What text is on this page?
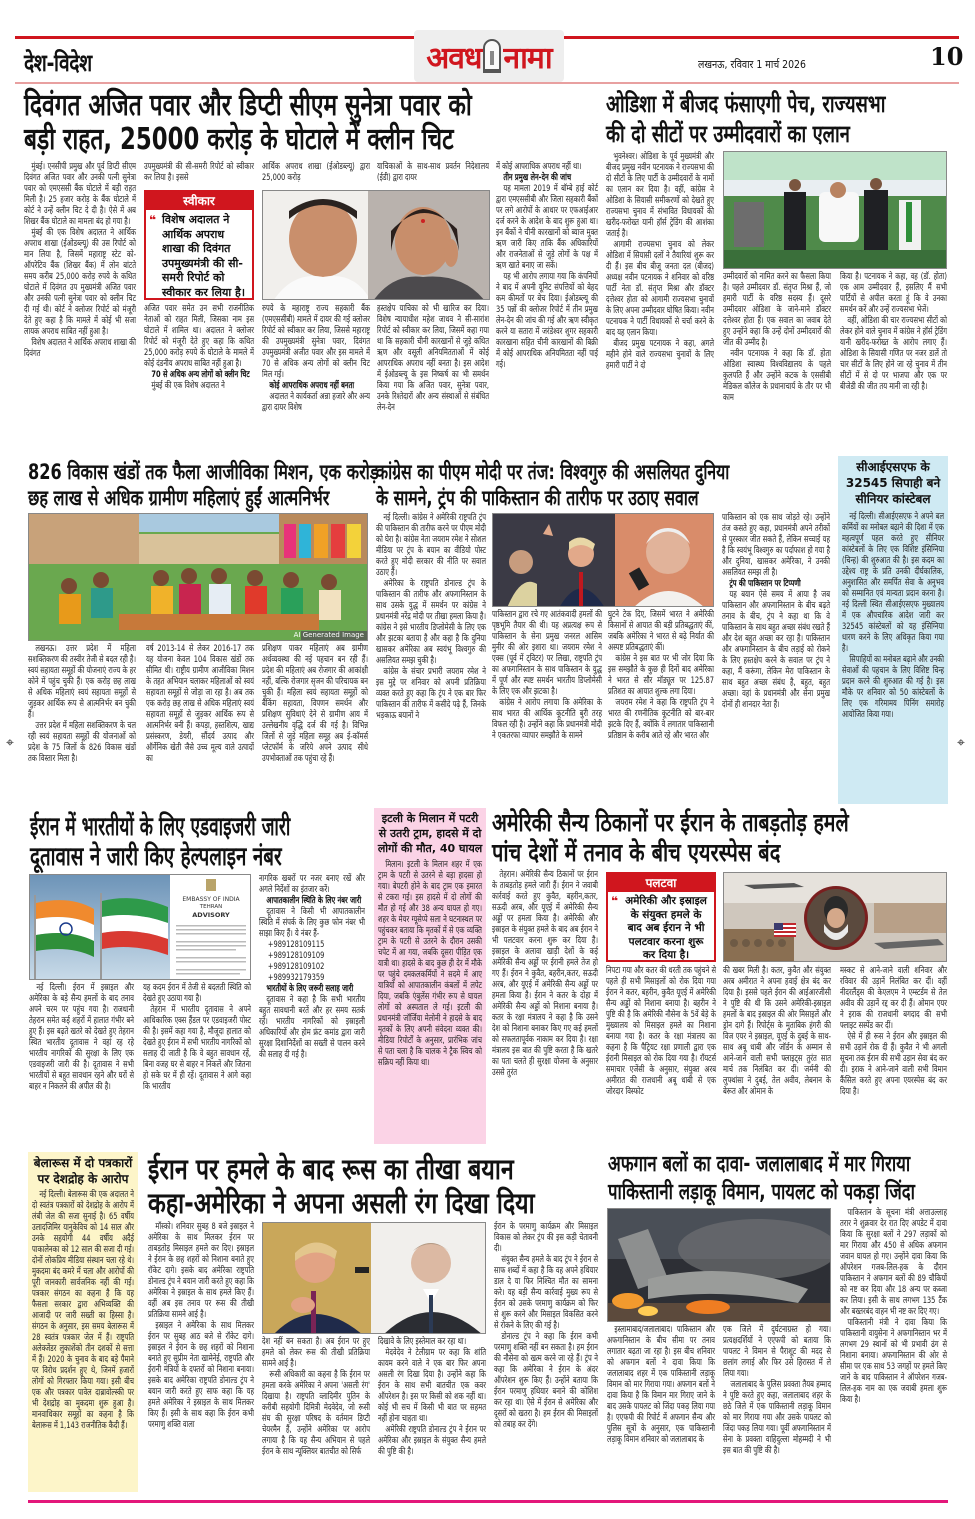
देश-विदेश	अवध नामा	लखनऊ, रविवार 1 मार्च 2026	10
दिवंगत अजित पवार और डिप्टी सीएम सुनेत्रा पवार को
बड़ी राहत, 25000 करोड़ के घोटाले में क्लीन चिट

मुंबई। एनसीपी प्रमुख और पूर्व डिप्टी सीएम दिवंगत अजित पवार और उनकी पत्नी सुनेत्रा पवार को एमएससी बैंक घोटाले में बड़ी राहत मिली है। 25 हजार करोड़ के बैंक घोटाले में कोर्ट ने उन्हें क्लीन चिट दे दी है। ऐसे में अब शिखर बैंक घोटाले का मामला बंद हो गया है।

मुंबई की एक विशेष अदालत ने आर्थिक अपराध शाखा (ईओडब्ल्यू) की उस रिपोर्ट को मान लिया है, जिसमें महाराष्ट्र स्टेट को-ऑपरेटिव बैंक (शिखर बैंक) में लोन बांटते समय करीब 25,000 करोड़ रुपये के कथित घोटाले में दिवंगत उप मुख्यमंत्री अजित पवार और उनकी पत्नी सुनेत्रा पवार को क्लीन चिट दी गई थी। कोर्ट ने क्लोजर रिपोर्ट को मंजूरी देते हुए कहा है कि मामले में कोई भी सजा लायक अपराध साबित नहीं हुआ है।

विशेष अदालत ने आर्थिक अपराध शाखा की दिवंगत

उपमुख्यमंत्री की सी-समरी रिपोर्ट को स्वीकार कर लिया है। इससे

स्वीकार
❝ विशेष अदालत ने आर्थिक अपराध शाखा की दिवंगत उपमुख्यमंत्री की सी-समरी रिपोर्ट को स्वीकार कर लिया है।

अजित पवार समेत उन सभी राजनीतिक नेताओं को राहत मिली, जिसका नाम इस घोटाले में शामिल था। अदालत ने क्लोजर रिपोर्ट को मंजूरी देते हुए कहा कि कथित 25,000 करोड़ रुपये के घोटाले के मामले में कोई दंडनीय अपराध साबित नहीं हुआ है।

70 से अधिक अन्य लोगों को क्लीन चिट

मुंबई की एक विशेष अदालत ने

आर्थिक अपराध शाखा (ईओडब्ल्यू) द्वारा 25,000 करोड़

रुपये के महाराष्ट्र राज्य सहकारी बैंक (एमएससीबी) मामले में दायर की गई क्लोजर रिपोर्ट को स्वीकार कर लिया, जिससे महाराष्ट्र की उपमुख्यमंत्री सुनेत्रा पवार, दिवंगत उपमुख्यमंत्री अजीत पवार और इस मामले में 70 से अधिक अन्य लोगों को क्लीन चिट मिल गई।

कोई आपराधिक अपराध नहीं बनता

अदालत ने कार्यकर्ता अन्ना हजारे और अन्य द्वारा दायर विशेष

याचिकाओं के साथ-साथ प्रवर्तन निदेशालय (ईडी) द्वारा दायर

हस्तक्षेप याचिका को भी खारिज कर दिया। विशेष न्यायाधीश महेश जाधव ने सी-सारांश रिपोर्ट को स्वीकार कर लिया, जिसमें कहा गया था कि सहकारी चीनी कारखानों से जुड़े कथित ऋण और वसूली अनियमितताओं में कोई आपराधिक अपराध नहीं बनता है। इस आदेश में ईओडब्ल्यू के इस निष्कर्ष का भी समर्थन किया गया कि अजित पवार, सुनेत्रा पवार, उनके रिश्तेदारों और अन्य संस्थाओं से संबंधित लेन-देन

में कोई आपराधिक अपराध नहीं था।

तीन प्रमुख लेन-देन की जांच

यह मामला 2019 में बॉम्बे हाई कोर्ट द्वारा एमएससीबी और जिला सहकारी बैंकों पर लगे आरोपों के आधार पर एफआईआर दर्ज करने के आदेश के बाद शुरू हुआ था। इन बैंकों ने चीनी कारखानों को ब्याज मुक्त ऋण जारी किए ताकि बैंक अधिकारियों और राजनेताओं से जुड़े लोगों के पक्ष में ऋण खाते बनाए जा सकें।

यह भी आरोप लगाया गया कि कंपनियों ने बाद में अपनी यूनिट संपत्तियों को बेहद कम कीमतों पर बेच दिया। ईओडब्ल्यू की 35 पन्नों की क्लोजर रिपोर्ट में तीन प्रमुख लेन-देन की जांच की गई और ऋण स्वीकृत करने या सतारा में जरंडेश्वर शुगर सहकारी कारखाना सहित चीनी कारखानों की बिक्री में कोई आपराधिक अनियमितता नहीं पाई गई।

ओडिशा में बीजद फंसाएगी पेच, राज्यसभा
की दो सीटों पर उम्मीदवारों का एलान

भुवनेश्वर। ओडिशा के पूर्व मुख्यमंत्री और बीजद प्रमुख नवीन पटनायक ने राज्यसभा की दो सीटों के लिए पार्टी के उम्मीदवारों के नामों का एलान कर दिया है। वहीं, कांग्रेस ने ओडिशा के सियासी समीकरणों को देखते हुए राज्यसभा चुनाव में संभावित विधायकों की खरीद-फरोख्त यानी हॉर्स ट्रेडिंग की आशंका जताई है।

आगामी राज्यसभा चुनाव को लेकर ओडिशा में सियासी दलों ने तैयारियां शुरू कर दी हैं। इस बीच बीजू जनता दल (बीजद) अध्यक्ष नवीन पटनायक ने शनिवार को वरिष्ठ पार्टी नेता डॉ. संतृप्त मिश्रा और डॉक्टर दत्तेश्वर होता को आगामी राज्यसभा चुनावों के लिए अपना उम्मीदवार घोषित किया। नवीन पटनायक ने पार्टी विधायकों से चर्चा करने के बाद यह एलान किया।

बीजद प्रमुख पटनायक ने कहा, अगले महीने होने वाले राज्यसभा चुनावों के लिए हमारी पार्टी ने दो

उम्मीदवारों को नामित करने का फैसला किया है। पहले उम्मीदवार डॉ. संतृप्त मिश्रा हैं, जो हमारी पार्टी के वरिष्ठ सदस्य हैं। दूसरे उम्मीदवार ओडिशा के जाने-माने डॉक्टर दत्तेश्वर होता हैं। एक सवाल का जवाब देते हुए उन्होंने कहा कि उन्हें दोनों उम्मीदवारों की जीत की उम्मीद है।

नवीन पटनायक ने कहा कि डॉ. होता ओडिशा स्वास्थ्य विश्वविद्यालय के पहले कुलपति हैं और उन्होंने कटक के एससीबी मेडिकल कॉलेज के प्रधानाचार्य के तौर पर भी काम

किया है। पटनायक ने कहा, वह (डॉ. होता) एक आम उम्मीदवार हैं, इसलिए मैं सभी पार्टियों से अपील करता हूं कि वे उनका समर्थन करें और उन्हें राज्यसभा भेजें।

वहीं, ओडिशा की चार राज्यसभा सीटों को लेकर होने वाले चुनाव में कांग्रेस ने हॉर्स ट्रेडिंग यानी खरीद-फरोख्त के आरोप लगाए हैं। ओडिशा के सियासी गणित पर नजर डालें तो चार सीटों के लिए होने जा रहे चुनाव में तीन सीटों में से दो पर भाजपा और एक पर बीजेडी की जीत तय मानी जा रही है।

826 विकास खंडों तक फैला आजीविका मिशन, एक करोड़
छह लाख से अधिक ग्रामीण महिलाएं हुईं आत्मनिर्भर
AI Generated Image

लखनऊ। उत्तर प्रदेश में महिला सशक्तिकरण की तस्वीर तेजी से बदल रही है। स्वयं सहायता समूहों की योजनाएं राज्य के हर कोने में पहुंच चुकी हैं। एक करोड़ छह लाख से अधिक महिलाएं स्वयं सहायता समूहों से जुड़कर आर्थिक रूप से आत्मनिर्भर बन चुकी हैं।

उत्तर प्रदेश में महिला सशक्तिकरण के चल रही स्वयं सहायता समूहों की योजनाओं को प्रदेश के 75 जिलों के 826 विकास खंडों तक विस्तार मिला है।

वर्ष 2013-14 से लेकर 2016-17 तक यह योजना केवल 104 विकास खंडों तक सीमित थी। राष्ट्रीय ग्रामीण आजीविका मिशन के तहत अभियान चलाकर महिलाओं को स्वयं सहायता समूहों से जोड़ा जा रहा है। अब तक एक करोड़ छह लाख से अधिक महिलाएं स्वयं सहायता समूहों से जुड़कर आर्थिक रूप से आत्मनिर्भर बनी हैं। कपड़ा, हस्तशिल्प, खाद्य प्रसंस्करण, डेयरी, सौंदर्य उत्पाद और ऑर्गेनिक खेती जैसे उच्च मूल्य वाले उत्पादों का

प्रशिक्षण पाकर महिलाएं अब ग्रामीण अर्थव्यवस्था की नई पहचान बन रही हैं। प्रदेश की महिलाएं अब रोजगार की आकांक्षी नहीं, बल्कि रोजगार सृजन की परिचायक बन चुकी हैं। महिला स्वयं सहायता समूहों को बैंकिंग सहायता, विपणन समर्थन और प्रशिक्षण सुविधाएं देने से ग्रामीण आय में उल्लेखनीय वृद्धि दर्ज की गई है। विभिन्न जिलों से जुड़े महिला समूह अब ई-कॉमर्स प्लेटफॉर्म के जरिये अपने उत्पाद सीधे उपभोक्ताओं तक पहुंचा रहे हैं।

कांग्रेस का पीएम मोदी पर तंज: विश्वगुरु की असलियत दुनिया
के सामने, ट्रंप की पाकिस्तान की तारीफ पर उठाए सवाल

नई दिल्ली। कांग्रेस ने अमेरिकी राष्ट्रपति ट्रंप की पाकिस्तान की तारीफ करने पर पीएम मोदी को घेरा है। कांग्रेस नेता जयराम रमेश ने सोशल मीडिया पर ट्रंप के बयान का वीडियो पोस्ट करते हुए मोदी सरकार की नीति पर सवाल उठाए हैं।

अमेरिका के राष्ट्रपति डोनाल्ड ट्रंप के पाकिस्तान की तारीफ और अफगानिस्तान के साथ उसके युद्ध में समर्थन पर कांग्रेस ने प्रधानमंत्री नरेंद्र मोदी पर तीखा हमला किया है। कांग्रेस ने इसे भारतीय डिप्लोमेसी के लिए एक और झटका बताया है और कहा है कि दुनिया खासकर अमेरिका अब स्वयंभू विश्वगुरु की असलियत समझ चुकी है।

कांग्रेस के संचार प्रभारी जयराम रमेश ने इस मुद्दे पर शनिवार को अपनी प्रतिक्रिया व्यक्त करते हुए कहा कि ट्रंप ने एक बार फिर पाकिस्तान की तारीफ में कसीदे पढ़े हैं, जिनके भड़काऊ बयानों ने

पाकिस्तान द्वारा रचे गए आतंकवादी हमलों की पृष्ठभूमि तैयार की थी। यह अप्रत्यक्ष रूप से पाकिस्तान के सेना प्रमुख जनरल आसिम मुनीर की ओर इशारा था। जयराम रमेश ने एक्स (पूर्व में ट्विटर) पर लिखा, राष्ट्रपति ट्रंप का अफगानिस्तान के साथ पाकिस्तान के युद्ध में पूर्ण और स्पष्ट समर्थन भारतीय डिप्लोमेसी के लिए एक और झटका है।

कांग्रेस ने आरोप लगाया कि अमेरिका के साथ भारत की आर्थिक कूटनीति बुरी तरह विफल रही है। उन्होंने कहा कि प्रधानमंत्री मोदी ने एकतरफा व्यापार समझौते के सामने

घुटने टेक दिए, जिसमें भारत ने अमेरिकी किसानों से आयात की बड़ी प्रतिबद्धताएं कीं, जबकि अमेरिका ने भारत से बढ़े निर्यात की अस्पष्ट प्रतिबद्धताएं कीं।

कांग्रेस ने इस बात पर भी जोर दिया कि इस समझौते के कुछ ही दिनों बाद अमेरिका ने भारत से सौर मॉड्यूल पर 125.87 प्रतिशत का आयात शुल्क लगा दिया।

जयराम रमेश ने कहा कि राष्ट्रपति ट्रंप ने भारत की रणनीतिक कूटनीति को बार-बार झटके दिए हैं, क्योंकि वे लगातार पाकिस्तानी प्रतिष्ठान के करीब आते रहे और भारत और

पाकिस्तान को एक साथ जोड़ते रहे। उन्होंने तंज कसते हुए कहा, प्रधानमंत्री अपने तरीकों से पुरस्कार जीत सकते हैं, लेकिन सच्चाई यह है कि स्वयंभू विश्वगुरु का पर्दाफाश हो गया है और दुनिया, खासकर अमेरिका, ने उनकी असलियत समझ ली है।

ट्रंप की पाकिस्तान पर टिप्पणी

यह बयान ऐसे समय में आया है जब पाकिस्तान और अफगानिस्तान के बीच बढ़ते तनाव के बीच, ट्रंप ने कहा था कि वे पाकिस्तान के साथ बहुत अच्छा संबंध रखते हैं और देश बहुत अच्छा कर रहा है। पाकिस्तान और अफगानिस्तान के बीच लड़ाई को रोकने के लिए हस्तक्षेप करने के सवाल पर ट्रंप ने कहा, मैं करूंगा, लेकिन मेरा पाकिस्तान के साथ बहुत अच्छा संबंध है, बहुत, बहुत अच्छा। वहां के प्रधानमंत्री और सेना प्रमुख दोनों ही शानदार नेता हैं।

सीआईएसएफ के 32545 सिपाही बने सीनियर कांस्टेबल

नई दिल्ली। सीआईएसएफ ने अपने बल कर्मियों का मनोबल बढ़ाने की दिशा में एक महत्वपूर्ण पहल करते हुए सीनियर कांस्टेबलों के लिए एक विशिष्ट इंसिग्निया (चिन्ह) की शुरुआत की है। इस कदम का उद्देश्य राष्ट्र के प्रति उनकी दीर्घकालिक, अनुशासित और समर्पित सेवा के अनुभव को सम्मानित एवं मान्यता प्रदान करना है। नई दिल्ली स्थित सीआईएसएफ मुख्यालय में एक औपचारिक आदेश जारी कर 32545 कांस्टेबलों को यह इंसिग्निया धारण करने के लिए अधिकृत किया गया है।

सिपाहियों का मनोबल बढ़ाने और उनकी सेवाओं की पहचान के लिए विशिष्ट चिन्ह प्रदान करने की शुरुआत की गई है। इस मौके पर शनिवार को 50 कांस्टेबलों के लिए एक गरिमामय पिनिंग समारोह आयोजित किया गया।

⌖
⌖
ईरान में भारतीयों के लिए एडवाइजरी जारी
दूतावास ने जारी किए हेल्पलाइन नंबर
EMBASSY OF INDIA
TEHRAN
ADVISORY

नई दिल्ली। ईरान में इस्राइल और अमेरिका के बड़े सैन्य हमलों के बाद तनाव अपने चरम पर पहुंच गया है। राजधानी तेहरान समेत कई शहरों में हालात गंभीर बने हुए हैं। इस बढ़ते खतरे को देखते हुए तेहरान स्थित भारतीय दूतावास ने वहां रह रहे भारतीय नागरिकों की सुरक्षा के लिए एक एडवाइजरी जारी की है। दूतावास ने सभी भारतीयों से बहुत सावधान रहने और घरों से बाहर न निकलने की अपील की है।

यह कदम ईरान में तेजी से बदलती स्थिति को देखते हुए उठाया गया है।

तेहरान में भारतीय दूतावास ने अपने आधिकारिक एक्स हैंडल पर एडवाइजरी पोस्ट की है। इसमें कहा गया है, मौजूदा हालात को देखते हुए ईरान में सभी भारतीय नागरिकों को सलाह दी जाती है कि वे बहुत सावधान रहें, बिना वजह घर से बाहर न निकलें और जितना हो सके घर में ही रहें। दूतावास ने आगे कहा कि भारतीय

नागरिक खबरों पर नजर बनाए रखें और अगले निर्देशों का इंतजार करें।

आपातकालीन स्थिति के लिए नंबर जारी

दूतावास ने किसी भी आपातकालीन स्थिति में संपर्क के लिए कुछ फोन नंबर भी साझा किए हैं। ये नंबर हैं-

+989128109115

+989128109109

+989128109102

+989932179359

भारतीयों के लिए जरूरी सलाह जारी

दूतावास ने कहा है कि सभी भारतीय बहुत सावधानी बरतें और हर समय सतर्क रहें। भारतीय नागरिकों को इस्राइली अधिकारियों और होम फ्रंट कमांड द्वारा जारी सुरक्षा दिशानिर्देशों का सख्ती से पालन करने की सलाह दी गई है।

इटली के मिलान में पटरी से उतरी ट्राम, हादसे में दो लोगों की मौत, 40 घायल

मिलान। इटली के मिलान शहर में एक ट्राम के पटरी से उतरने से बड़ा हादसा हो गया। बेपटरी होने के बाद ट्राम एक इमारत से टकरा गई। इस हादसे में दो लोगों की मौत हो गई और 38 अन्य घायल हो गए। शहर के मेयर ग्यूसेप्पे सला ने घटनास्थल पर पहुंचकर बताया कि मृतकों में से एक व्यक्ति ट्राम के पटरी से उतरने के दौरान उसकी चपेट में आ गया, जबकि दूसरा पीड़ित एक यात्री था। हादसे के बाद कुछ ही देर में मौके पर पहुंचे दमकलकर्मियों ने सदमे में आए यात्रियों को आपातकालीन कंबलों में लपेट दिया, जबकि एंबुलेंस गंभीर रूप से घायल लोगों को अस्पताल ले गई। इटली की प्रधानमंत्री जॉर्जिया मेलोनी ने हादसे के बाद मृतकों के लिए अपनी संवेदना व्यक्त की। मीडिया रिपोर्टों के अनुसार, प्रारंभिक जांच से पता चला है कि चालक ने ट्रैक स्विच को सक्रिय नहीं किया था।

अमेरिकी सैन्य ठिकानों पर ईरान के ताबड़तोड़ हमले
पांच देशों में तनाव के बीच एयरस्पेस बंद

तेहरान। अमेरिकी सैन्य ठिकानों पर ईरान के ताबड़तोड़ हमले जारी हैं। ईरान ने जवाबी कार्रवाई करते हुए कुवैत, बहरीन,कतर, सऊदी अरब, और यूएई में अमेरिकी सैन्य अड्डों पर हमला किया है। अमेरिकी और इस्राइल के संयुक्त हमले के बाद अब ईरान ने भी पलटवार करना शुरू कर दिया है। इस्राइल के अलावा खाड़ी देशों के कई अमेरिकी सैन्य अड्डों पर ईरानी हमले तेज हो गए हैं। ईरान ने कुवैत, बहरीन,कतर, सऊदी अरब, और यूएई में अमेरिकी सैन्य अड्डों पर हमला किया है। ईरान ने कतर के दोहा में अमेरिकी सैन्य अड्डों को निशाना बनाया है। कतर के रक्षा मंत्रालय ने कहा है कि उसने देश को निशाना बनाकर किए गए कई हमलों को सफलतापूर्वक नाकाम कर दिया है। रक्षा मंत्रालय इस बात की पुष्टि करता है कि खतरे का पता चलते ही सुरक्षा योजना के अनुसार उससे तुरंत

पलटवा
❝ अमेरिकी और इस्राइल के संयुक्त हमले के बाद अब ईरान ने भी पलटवार करना शुरू कर दिया है।

निपटा गया और कतर की धरती तक पहुंचने से पहले ही सभी मिसाइलों को रोक दिया गया ईरान ने कतर, बहरीन, कुवैत यूएई में अमेरिकी सैन्य अड्डों को निशाना बनाया है। बहरीन ने पुष्टि की है कि अमेरिकी नौसेना के 5वें बेड़े के मुख्यालय को मिसाइल हमले का निशाना बनाया गया है। कतर के रक्षा मंत्रालय का कहना है कि पैट्रियट रक्षा प्रणाली द्वारा एक ईरानी मिसाइल को रोक दिया गया है। रॉयटर्स समाचार एजेंसी के अनुसार, संयुक्त अरब अमीरात की राजधानी अबू धाबी से एक जोरदार विस्फोट

की खबर मिली है। कतर, कुवैत और संयुक्त अरब अमीरात ने अपना हवाई क्षेत्र बंद कर दिया है। इससे पहले ईरान की आईआरजीसी ने पुष्टि की थी कि उसने अमेरिकी-इस्राइल हमलों के बाद इस्राइल की ओर मिसाइलें और ड्रोन दागे हैं। रिपोर्ट्स के मुताबिक हंगरी की विज एयर ने इस्राइल, यूएई के दुबई के साथ-साथ अबू धाबी और जॉर्डन के अम्मान से आने-जाने वाली सभी फ्लाइट्स तुरंत सात मार्च तक निलंबित कर दीं। जर्मनी की लुफ्थांसा ने दुबई, तेल अवीव, लेबनान के बेरूत और ओमान के

मस्कट से आने-जाने वाली शनिवार और रविवार की उड़ानें निलंबित कर दीं। वहीं नीदरलैंड्स की केएलएम ने एम्स्टर्डम से तेल अवीव की उड़ानें रद्द कर दी हैं। ओमान एयर ने इराक की राजधानी बगदाद की सभी फ्लाइट सस्पेंड कर दीं।

ऐसे में ही रूस ने ईरान और इस्राइल की सभी उड़ानें रोक दी हैं। कुवैत ने भी अगली सूचना तक ईरान की सभी उड़ान सेवा बंद कर दी। इराक ने आने-जाने वाली सभी विमान कैंसिल करते हुए अपना एयरस्पेस बंद कर दिया है।

बेलारूस में दो पत्रकारों पर देशद्रोह के आरोप

नई दिल्ली। बेलारूस की एक अदालत ने दो स्वतंत्र पत्रकारों को देशद्रोह के आरोप में लंबी जेल की सजा सुनाई है। 65 वर्षीय उलादजिमिर यानुकेविच को 14 साल और उनके सहयोगी 44 वर्षीय अदैई पाकालेनका को 12 साल की सजा दी गई। दोनों लोकप्रिय मीडिया संस्थान चला रहे थे। मुकदमा बंद कमरे में चला और आरोपों की पूरी जानकारी सार्वजनिक नहीं की गई। पत्रकार संगठन का कहना है कि यह फैसला सरकार द्वारा अभिव्यक्ति की आजादी पर जारी सख्ती का हिस्सा है। संगठन के अनुसार, इस समय बेलारूस में 28 स्वतंत्र पत्रकार जेल में हैं। राष्ट्रपति अलेक्जेंडर लुकाशेंको तीन दशकों से सत्ता में हैं। 2020 के चुनाव के बाद बड़े पैमाने पर विरोध प्रदर्शन हुए थे, जिनमें हजारों लोगों को गिरफ्तार किया गया। इसी बीच एक और पत्रकार पावेल दाब्रावोल्स्की पर भी देशद्रोह का मुकदमा शुरू हुआ है। मानवाधिकार समूहों का कहना है कि बेलारूस में 1,143 राजनीतिक कैदी हैं।

ईरान पर हमले के बाद रूस का तीखा बयान
कहा-अमेरिका ने अपना असली रंग दिखा दिया

मॉस्को। शनिवार सुबह 8 बजे इस्राइल ने अमेरिका के साथ मिलकर ईरान पर ताबड़तोड़ मिसाइल हमले कर दिए। इस्राइल ने ईरान के छह शहरों को निशाना बनाते हुए रॉकेट दागे। इसके बाद अमेरिका राष्ट्रपति डोनाल्ड ट्रंप ने बयान जारी करते हुए कहा कि अमेरिका ने इस्राइल के साथ हमले किए हैं। वहीं अब इस तनाव पर रूस की तीखी प्रतिक्रिया सामने आई है।

इस्राइल ने अमेरिका के साथ मिलकर ईरान पर सुबह आठ बजे से रॉकेट दागे। इस्राइल ने ईरान के छह शहरों को निशाना बनाते हुए सुप्रीम नेता खामेनेई, राष्ट्रपति और ईरानी मंत्रियों के दफ्तरों को निशाना बनाया। इसके बाद अमेरिका राष्ट्रपति डोनाल्ड ट्रंप ने बयान जारी करते हुए साफ कहा कि यह हमले अमेरिका ने इस्राइल के साथ मिलकर किए हैं। इसी के साथ कहा कि ईरान कभी परमाणु शक्ति वाला

देश नहीं बन सकता है। अब ईरान पर हुए हमले को लेकर रूस की तीखी प्रतिक्रिया सामने आई है।

रूसी अधिकारी का कहना है कि ईरान पर हमला करके अमेरिका ने अपना 'असली रंग' दिखाया है। राष्ट्रपति व्लादिमीर पुतिन के करीबी सहयोगी दिमित्री मेदवेदेव, जो रूसी संघ की सुरक्षा परिषद के वर्तमान डिप्टी चेयरमैन हैं, उन्होंने अमेरिका पर आरोप लगाया है कि यह सैन्य अभियान से पहले ईरान के साथ न्यूक्लियर बातचीत को सिर्फ

दिखावे के लिए इस्तेमाल कर रहा था।

मेदवेदेव ने टेलीग्राम पर कहा कि शांति कायम करने वाले ने एक बार फिर अपना असली रंग दिखा दिया है। उन्होंने कहा कि ईरान के साथ सभी बातचीत एक कवर ऑपरेशन है। इस पर किसी को शक नहीं था। कोई भी सच में किसी भी बात पर सहमत नहीं होना चाहता था।

अमेरिकी राष्ट्रपति डोनाल्ड ट्रंप ने ईरान पर अमेरिका और इस्राइल के संयुक्त सैन्य हमले की पुष्टि की है।

ईरान के परमाणु कार्यक्रम और मिसाइल विकास को लेकर ट्रंप की इस कड़ी चेतावनी दी।

संयुक्त सैन्य हमले के बाद ट्रंप ने ईरान से साफ शब्दों में कहा है कि वह अपने हथियार डाल दे या फिर निश्चित मौत का सामना करे। यह बड़ी सैन्य कार्रवाई मुख्य रूप से ईरान को उसके परमाणु कार्यक्रम को फिर से शुरू करने और मिसाइल विकसित करने से रोकने के लिए की गई है।

डोनाल्ड ट्रंप ने कहा कि ईरान कभी परमाणु शक्ति नहीं बन सकता है। हम ईरान की नौसेना को खत्म करने जा रहे हैं। ट्रंप ने कहा कि अमेरिका ने ईरान के अंदर ऑपरेशन शुरू किए हैं। उन्होंने बताया कि ईरान परमाणु हथियार बनाने की कोशिश कर रहा था। ऐसे में ईरान से अमेरिका और दूसरों को खतरा है। हम ईरान की मिसाइलों को तबाह कर देंगे।

अफगान बलों का दावा- जलालाबाद में मार गिराया
पाकिस्तानी लड़ाकू विमान, पायलट को पकड़ा जिंदा

इस्लामाबाद/जलालाबाद। पाकिस्तान और अफगानिस्तान के बीच सीमा पर तनाव लगातार बढ़ता जा रहा है। इस बीच शनिवार को अफगान बलों ने दावा किया कि जलालाबाद शहर में एक पाकिस्तानी लड़ाकू विमान को मार गिराया गया। अफगान बलों ने दावा किया है कि विमान मार गिराए जाने के बाद उसके पायलट को जिंदा पकड़ लिया गया है। एएफपी की रिपोर्ट में अफगान सैन्य और पुलिस सूत्रों के अनुसार, एक पाकिस्तानी लड़ाकू विमान शनिवार को जलालाबाद के

एक जिले में दुर्घटनाग्रस्त हो गया। प्रत्यक्षदर्शियों ने एएफपी को बताया कि पायलट ने विमान से पैराशूट की मदद से छलांग लगाई और फिर उसे हिरासत में ले लिया गया।

जलालाबाद के पुलिस प्रवक्ता तैयब हम्माद ने पुष्टि करते हुए कहा, जलालाबाद शहर के छठे जिले में एक पाकिस्तानी लड़ाकू विमान को मार गिराया गया और उसके पायलट को जिंदा पकड़ लिया गया। पूर्वी अफगानिस्तान में सेना के प्रवक्ता वाहिदुल्ला मोहम्मदी ने भी इस बात की पुष्टि की है।

पाकिस्तान के सूचना मंत्री अत्ताउल्लाह तरार ने शुक्रवार देर रात दिए अपडेट में दावा किया कि सुरक्षा बलों ने 297 लड़ाकों को मार गिराया और 450 से अधिक अफगान जवान घायल हो गए। उन्होंने दावा किया कि ऑपरेशन गजब-लिल-हक के दौरान पाकिस्तान ने अफगान बलों की 89 चौकियों को नष्ट कर दिया और 18 अन्य पर कब्जा कर लिया। इसी के साथ लगभग 135 टैंक और बख्तरबंद वाहन भी नष्ट कर दिए गए।

पाकिस्तानी मंत्री ने दावा किया कि पाकिस्तानी वायुसेना ने अफगानिस्तान भर में लगभग 29 स्थानों को भी प्रभावी ढंग से निशाना बनाया। अफगानिस्तान की ओर से सीमा पर एक साथ 53 जगहों पर हमले किए जाने के बाद पाकिस्तान ने ऑपरेशन गजब-लिल-हक नाम का एक जवाबी हमला शुरू किया है।
